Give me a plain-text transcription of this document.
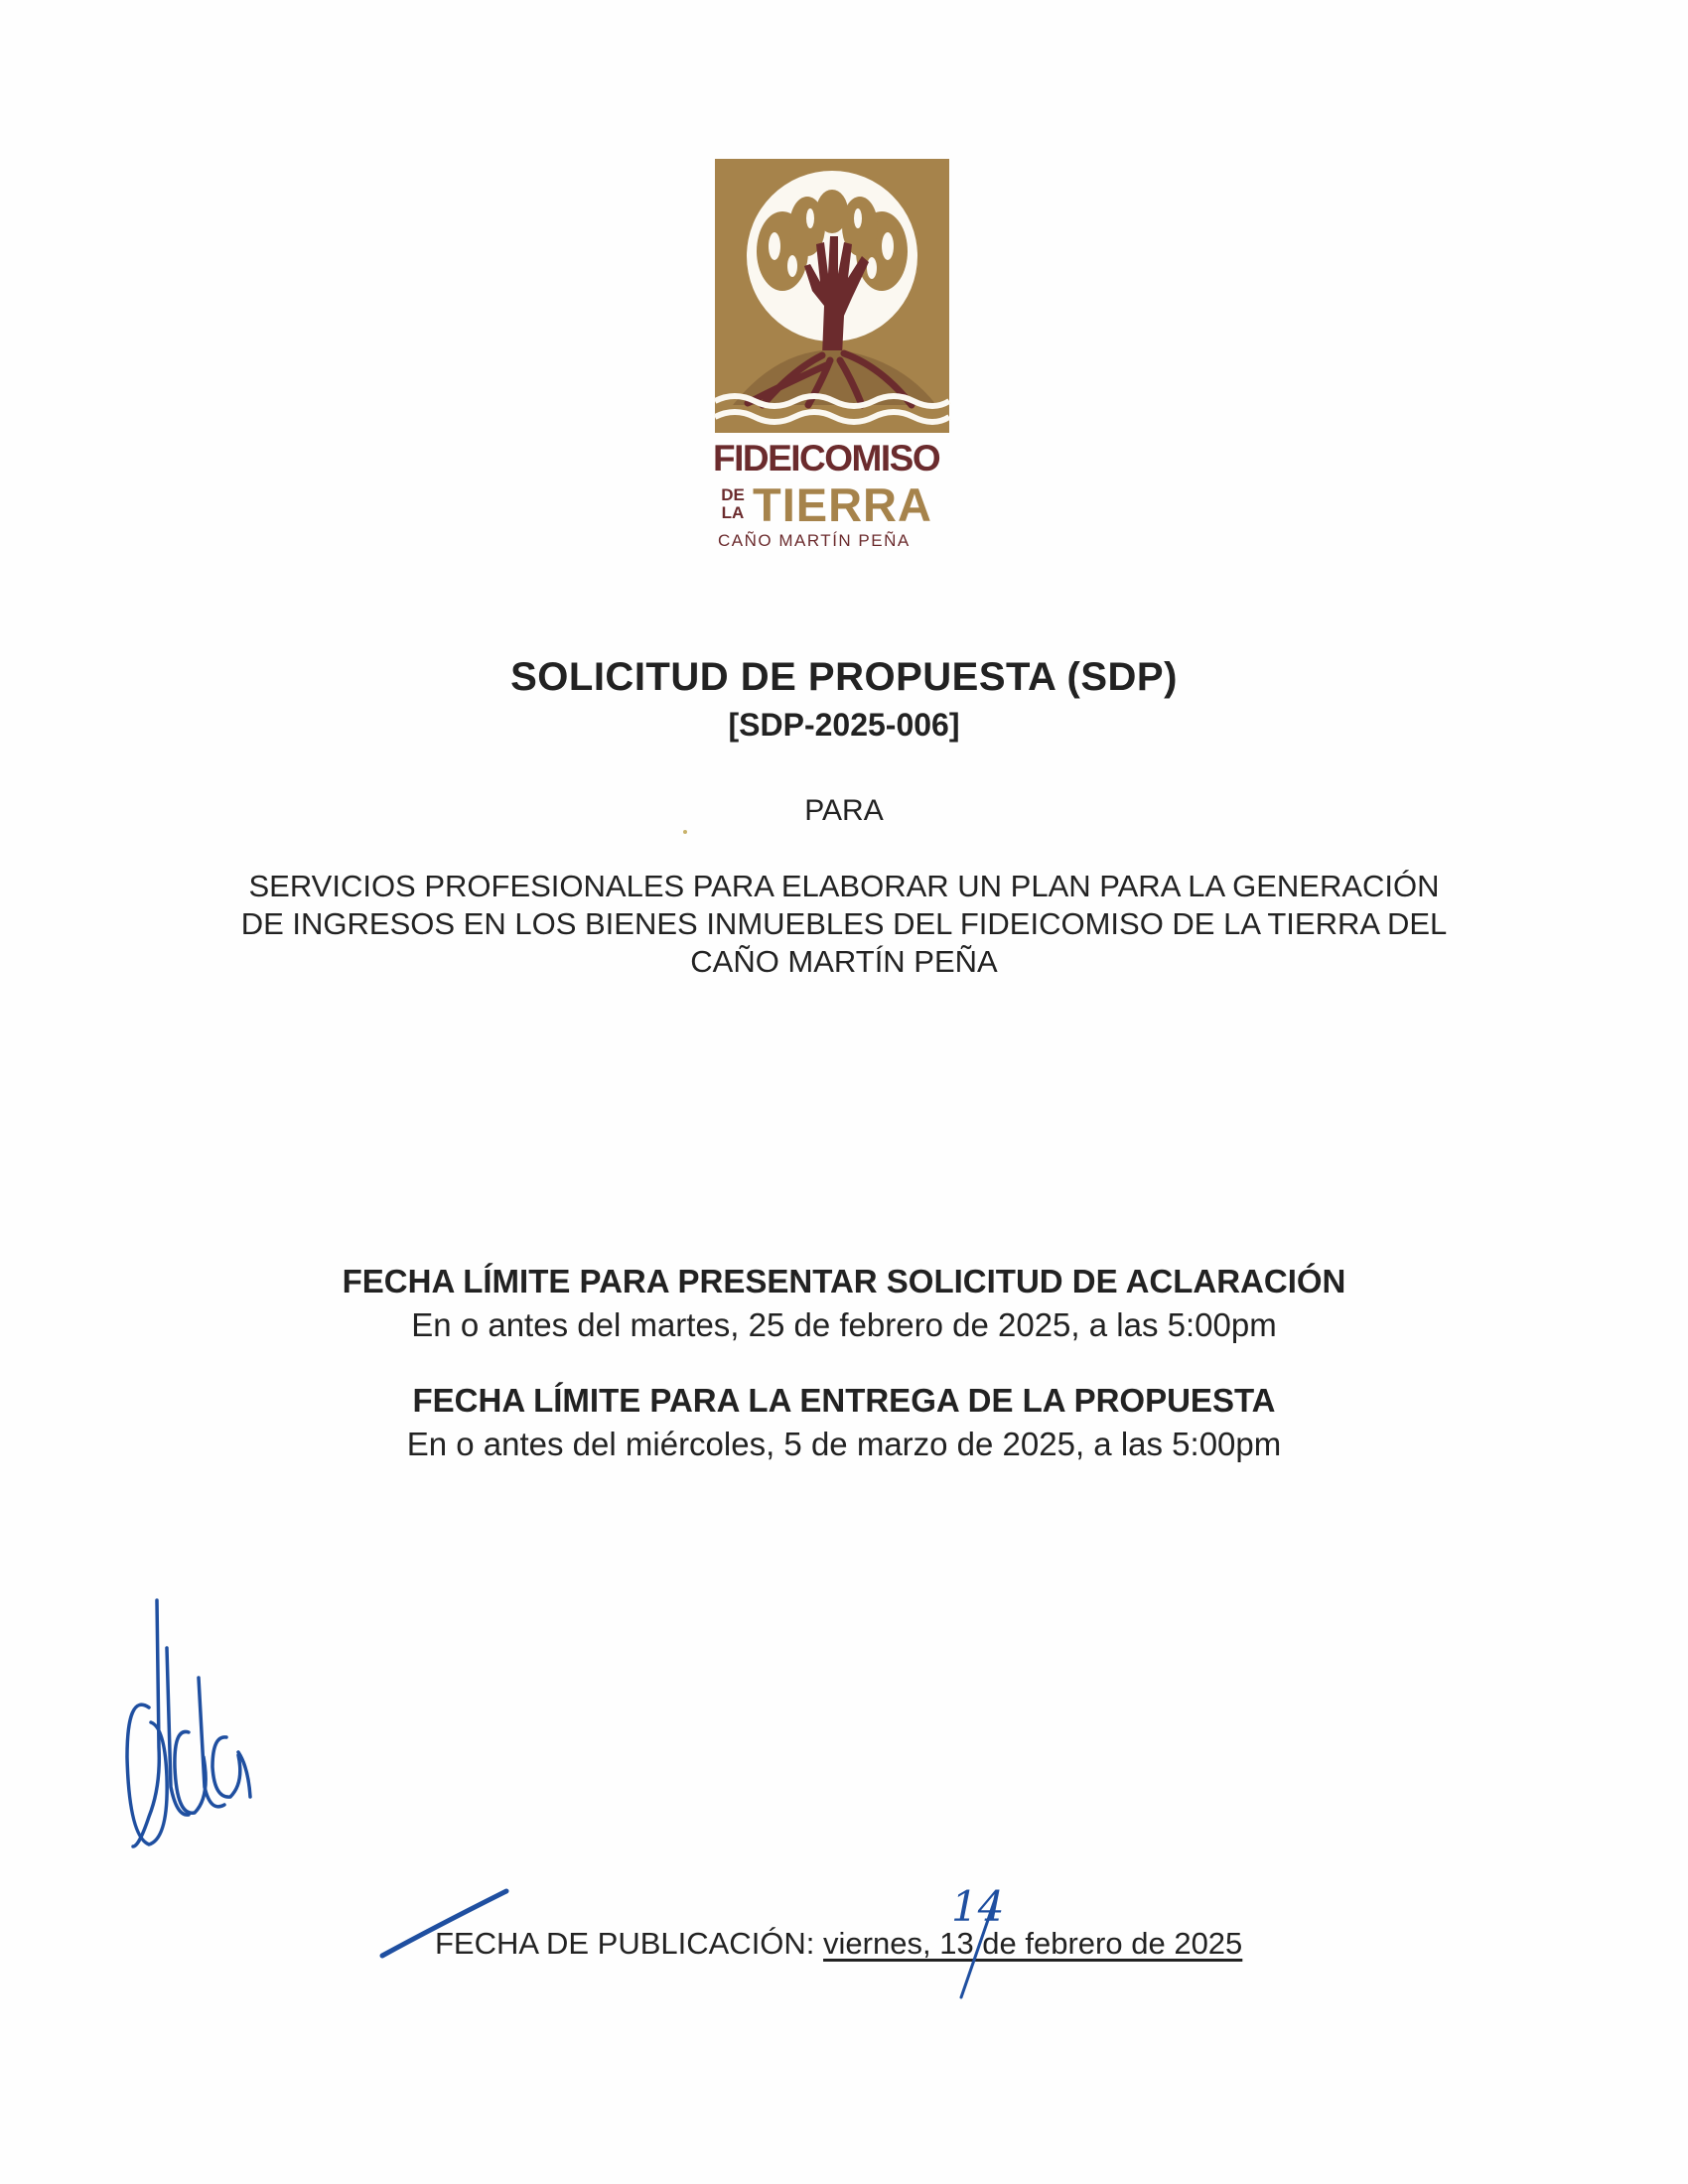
FIDEICOMISO
DE
LA TIERRA
CAÑO MARTÍN PEÑA
SOLICITUD DE PROPUESTA (SDP)
[SDP-2025-006]
PARA
SERVICIOS PROFESIONALES PARA ELABORAR UN PLAN PARA LA GENERACIÓN
DE INGRESOS EN LOS BIENES INMUEBLES DEL FIDEICOMISO DE LA TIERRA DEL
CAÑO MARTÍN PEÑA
FECHA LÍMITE PARA PRESENTAR SOLICITUD DE ACLARACIÓN
En o antes del martes, 25 de febrero de 2025, a las 5:00pm
FECHA LÍMITE PARA LA ENTREGA DE LA PROPUESTA
En o antes del miércoles, 5 de marzo de 2025, a las 5:00pm
FECHA DE PUBLICACIÓN: viernes, 13 de febrero de 2025
14
